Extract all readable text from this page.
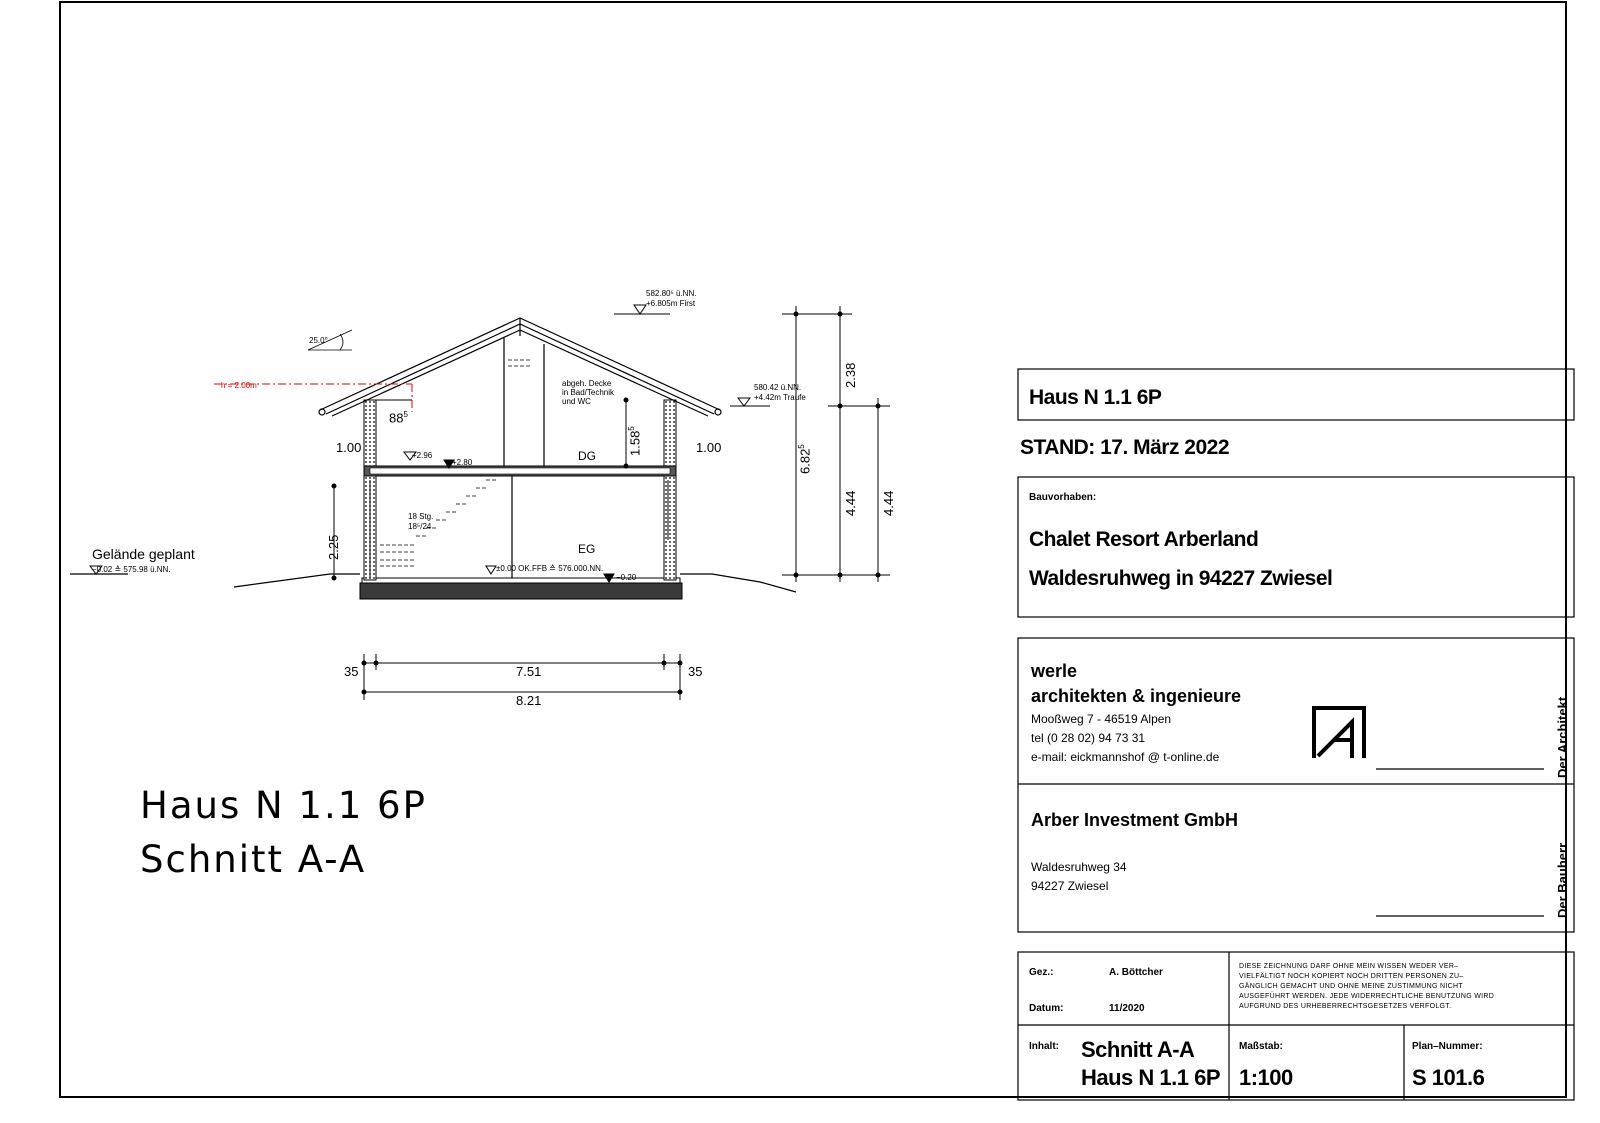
582.80⁵ ü.NN.
+6.805m First
580.42 ü.NN.
+4.42m Traufe
25.0°
h = 2.00m	abgeh. Decke
in Bad/Technik
und WC
$88^5$
1.58$^5$
1.00	1.00
+2.96
+2.80	DG
EG
18 Stg.
18⁵/24
2.25
Gelände geplant
−0.02 ≙ 575.98 ü.NN.	±0.00 OK.FFB ≙ 576.000.NN.
−0.20
2.38
6.82$^5$
4.44 4.44
35	7.51	35
8.21
Haus N 1.1 6P
Schnitt A-A
Haus N 1.1 6P
STAND: 17. März 2022
Bauvorhaben:
Chalet Resort Arberland
Waldesruhweg in 94227 Zwiesel
werle
architekten & ingenieure
Mooßweg 7 - 46519 Alpen
tel (0 28 02) 94 73 31
e-mail: eickmannshof @ t-online.de	Der Architekt
Arber Investment GmbH
Waldesruhweg 34
94227 Zwiesel	Der Bauherr
Gez.:	A. Böttcher
Datum:	11/2020
DIESE ZEICHNUNG DARF OHNE MEIN WISSEN WEDER VER– VIELFÄLTIGT NOCH KOPIERT NOCH DRITTEN PERSONEN ZU– GÄNGLICH GEMACHT UND OHNE MEINE ZUSTIMMUNG NICHT AUSGEFÜHRT WERDEN. JEDE WIDERRECHTLICHE BENUTZUNG WIRD AUFGRUND DES URHEBERRECHTSGESETZES VERFOLGT.
Inhalt: Schnitt A-A
Haus N 1.1 6P
Maßstab:
1:100
Plan–Nummer:
S 101.6
